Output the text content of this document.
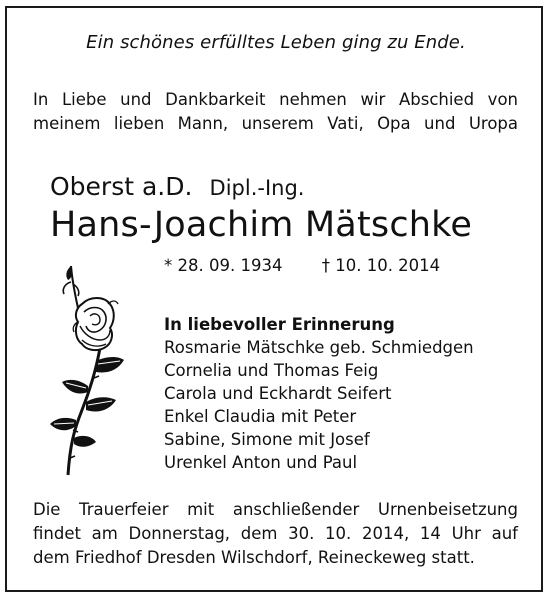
Ein schönes erfülltes Leben ging zu Ende.
In Liebe und Dankbarkeit nehmen wir Abschied von
meinem lieben Mann, unserem Vati, Opa und Uropa
Oberst a.D. Dipl.-Ing.
Hans-Joachim Mätschke
* 28. 09. 1934 † 10. 10. 2014
In liebevoller Erinnerung
Rosmarie Mätschke geb. Schmiedgen
Cornelia und Thomas Feig
Carola und Eckhardt Seifert
Enkel Claudia mit Peter
Sabine, Simone mit Josef
Urenkel Anton und Paul
Die Trauerfeier mit anschließender Urnenbeisetzung
findet am Donnerstag, dem 30. 10. 2014, 14 Uhr auf
dem Friedhof Dresden Wilschdorf, Reineckeweg statt.
